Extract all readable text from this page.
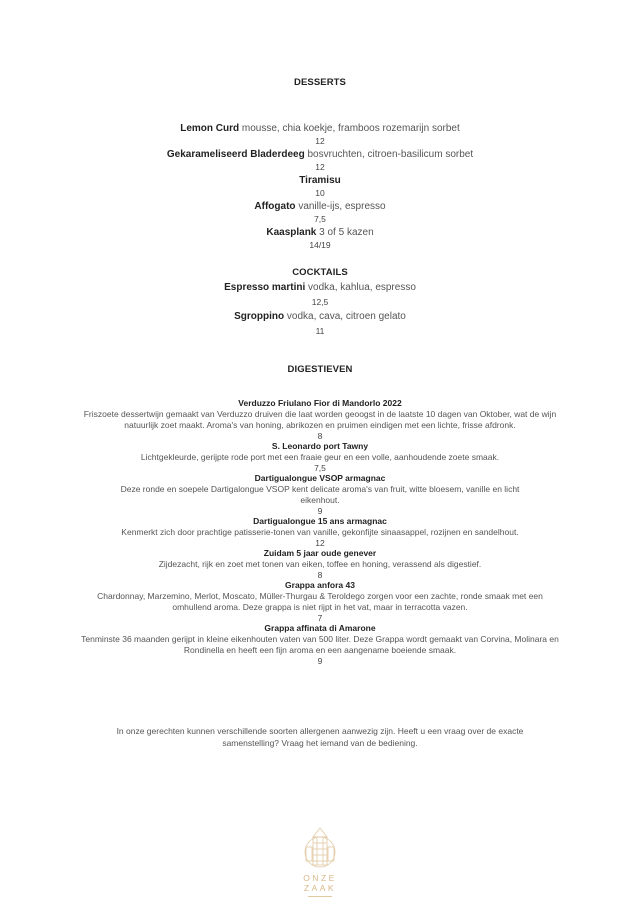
DESSERTS
Lemon Curd mousse, chia koekje, framboos rozemarijn sorbet
12
Gekarameliseerd Bladerdeeg bosvruchten, citroen-basilicum sorbet
12
Tiramisu
10
Affogato vanille-ijs, espresso
7,5
Kaasplank 3 of 5 kazen
14/19
COCKTAILS
Espresso martini vodka, kahlua, espresso
12,5
Sgroppino vodka, cava, citroen gelato
11
DIGESTIEVEN
Verduzzo Friulano Fior di Mandorlo 2022
Friszoete dessertwijn gemaakt van Verduzzo druiven die laat worden geoogst in de laatste 10 dagen van Oktober, wat de wijn natuurlijk zoet maakt. Aroma's van honing, abrikozen en pruimen eindigen met een lichte, frisse afdronk.
8
S. Leonardo port Tawny
Lichtgekleurde, gerijpte rode port met een fraaie geur en een volle, aanhoudende zoete smaak.
7,5
Dartigualongue VSOP armagnac
Deze ronde en soepele Dartigalongue VSOP kent delicate aroma's van fruit, witte bloesem, vanille en licht eikenhout.
9
Dartigualongue 15 ans armagnac
Kenmerkt zich door prachtige patisserie-tonen van vanille, gekonfijte sinaasappel, rozijnen en sandelhout.
12
Zuidam 5 jaar oude genever
Zijdezacht, rijk en zoet met tonen van eiken, toffee en honing, verassend als digestief.
8
Grappa anfora 43
Chardonnay, Marzemino, Merlot, Moscato, Müller-Thurgau & Teroldego zorgen voor een zachte, ronde smaak met een omhullend aroma. Deze grappa is niet rijpt in het vat, maar in terracotta vazen.
7
Grappa affinata di Amarone
Tenminste 36 maanden gerijpt in kleine eikenhouten vaten van 500 liter. Deze Grappa wordt gemaakt van Corvina, Molinara en Rondinella en heeft een fijn aroma en een aangename boeiende smaak.
9
In onze gerechten kunnen verschillende soorten allergenen aanwezig zijn. Heeft u een vraag over de exacte samenstelling? Vraag het iemand van de bediening.
ONZE ZAAK
